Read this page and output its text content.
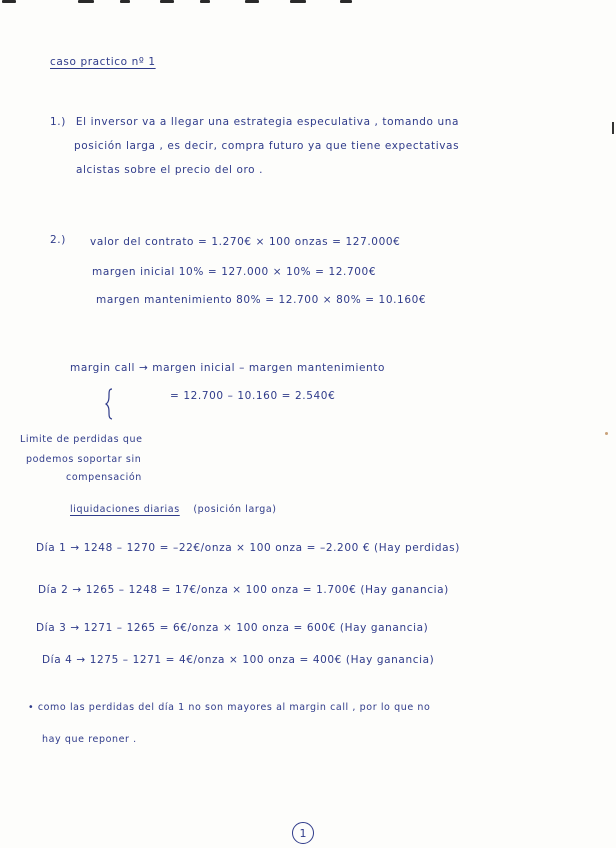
caso practico nº 1
1.) El inversor va a llegar una estrategia especulativa , tomando una
posición larga , es decir, compra futuro ya que tiene expectativas
alcistas sobre el precio del oro .
2.) valor del contrato = 1.270€ × 100 onzas = 127.000€
margen inicial 10% = 127.000 × 10% = 12.700€
margen mantenimiento 80% = 12.700 × 80% = 10.160€
margin call → margen inicial – margen mantenimiento
= 12.700 – 10.160 = 2.540€
Limite de perdidas que
podemos soportar sin
compensación
liquidaciones diarias (posición larga)
Día 1 → 1248 – 1270 = –22€/onza × 100 onza = –2.200 € (Hay perdidas)
Día 2 → 1265 – 1248 = 17€/onza × 100 onza = 1.700€ (Hay ganancia)
Día 3 → 1271 – 1265 = 6€/onza × 100 onza = 600€ (Hay ganancia)
Día 4 → 1275 – 1271 = 4€/onza × 100 onza = 400€ (Hay ganancia)
• como las perdidas del día 1 no son mayores al margin call , por lo que no
hay que reponer .
1
